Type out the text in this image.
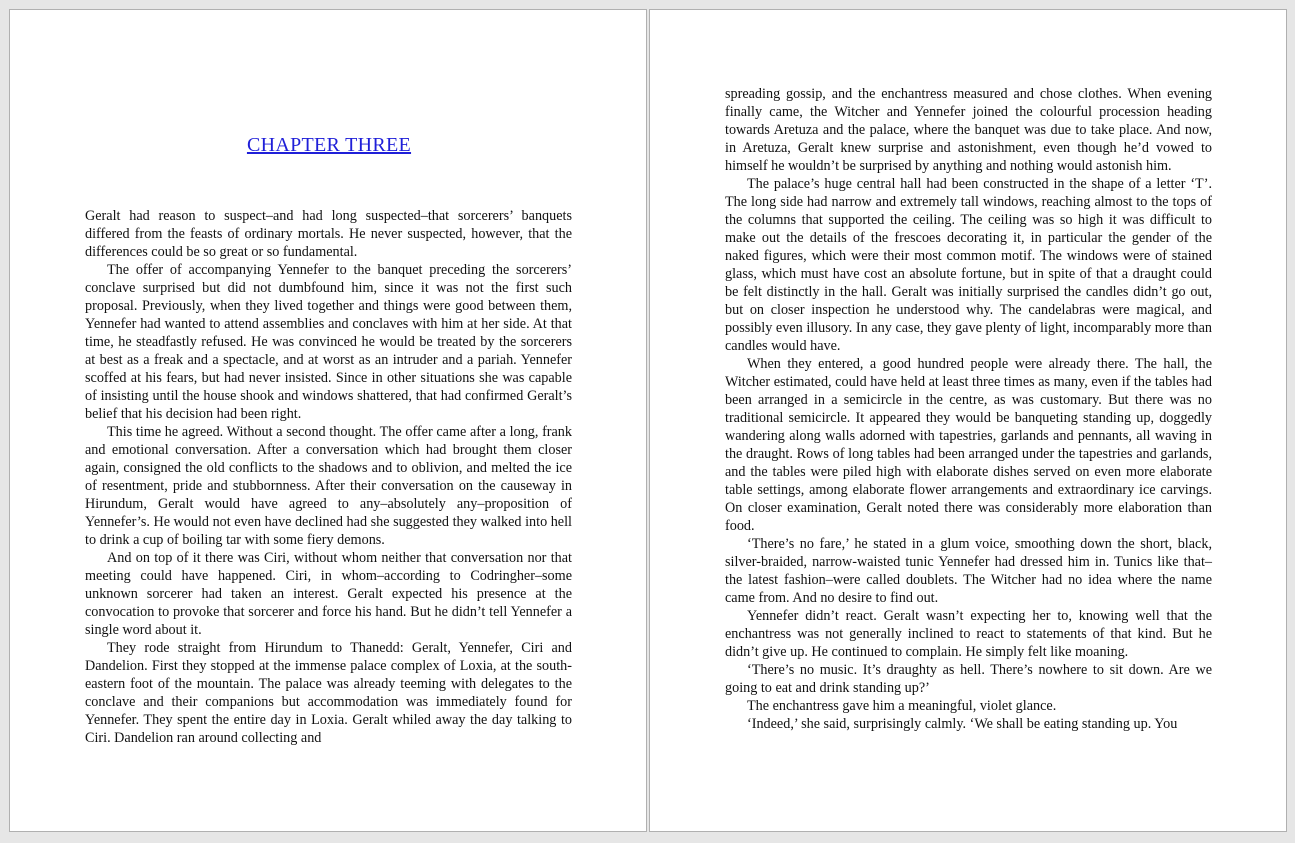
CHAPTER THREE

Geralt had reason to suspect–and had long suspected–that sorcerers’ banquets differed from the feasts of ordinary mortals. He never suspected, however, that the differences could be so great or so fundamental.

The offer of accompanying Yennefer to the banquet preceding the sorcerers’ conclave surprised but did not dumbfound him, since it was not the first such proposal. Previously, when they lived together and things were good between them, Yennefer had wanted to attend assemblies and conclaves with him at her side. At that time, he steadfastly refused. He was convinced he would be treated by the sorcerers at best as a freak and a spectacle, and at worst as an intruder and a pariah. Yennefer scoffed at his fears, but had never insisted. Since in other situations she was capable of insisting until the house shook and windows shattered, that had confirmed Geralt’s belief that his decision had been right.

This time he agreed. Without a second thought. The offer came after a long, frank and emotional conversation. After a conversation which had brought them closer again, consigned the old conflicts to the shadows and to oblivion, and melted the ice of resentment, pride and stubbornness. After their conversation on the causeway in Hirundum, Geralt would have agreed to any–absolutely any–proposition of Yennefer’s. He would not even have declined had she suggested they walked into hell to drink a cup of boiling tar with some fiery demons.

And on top of it there was Ciri, without whom neither that conversation nor that meeting could have happened. Ciri, in whom–according to Codringher–some unknown sorcerer had taken an interest. Geralt expected his presence at the convocation to provoke that sorcerer and force his hand. But he didn’t tell Yennefer a single word about it.

They rode straight from Hirundum to Thanedd: Geralt, Yennefer, Ciri and Dandelion. First they stopped at the immense palace complex of Loxia, at the south-eastern foot of the mountain. The palace was already teeming with delegates to the conclave and their companions but accommodation was immediately found for Yennefer. They spent the entire day in Loxia. Geralt whiled away the day talking to Ciri. Dandelion ran around collecting and

spreading gossip, and the enchantress measured and chose clothes. When evening finally came, the Witcher and Yennefer joined the colourful procession heading towards Aretuza and the palace, where the banquet was due to take place. And now, in Aretuza, Geralt knew surprise and astonishment, even though he’d vowed to himself he wouldn’t be surprised by anything and nothing would astonish him.

The palace’s huge central hall had been constructed in the shape of a letter ‘T’. The long side had narrow and extremely tall windows, reaching almost to the tops of the columns that supported the ceiling. The ceiling was so high it was difficult to make out the details of the frescoes decorating it, in particular the gender of the naked figures, which were their most common motif. The windows were of stained glass, which must have cost an absolute fortune, but in spite of that a draught could be felt distinctly in the hall. Geralt was initially surprised the candles didn’t go out, but on closer inspection he understood why. The candelabras were magical, and possibly even illusory. In any case, they gave plenty of light, incomparably more than candles would have.

When they entered, a good hundred people were already there. The hall, the Witcher estimated, could have held at least three times as many, even if the tables had been arranged in a semicircle in the centre, as was customary. But there was no traditional semicircle. It appeared they would be banqueting standing up, doggedly wandering along walls adorned with tapestries, garlands and pennants, all waving in the draught. Rows of long tables had been arranged under the tapestries and garlands, and the tables were piled high with elaborate dishes served on even more elaborate table settings, among elaborate flower arrangements and extraordinary ice carvings. On closer examination, Geralt noted there was considerably more elaboration than food.

‘There’s no fare,’ he stated in a glum voice, smoothing down the short, black, silver-braided, narrow-waisted tunic Yennefer had dressed him in. Tunics like that–the latest fashion–were called doublets. The Witcher had no idea where the name came from. And no desire to find out.

Yennefer didn’t react. Geralt wasn’t expecting her to, knowing well that the enchantress was not generally inclined to react to statements of that kind. But he didn’t give up. He continued to complain. He simply felt like moaning.

‘There’s no music. It’s draughty as hell. There’s nowhere to sit down. Are we going to eat and drink standing up?’

The enchantress gave him a meaningful, violet glance.

‘Indeed,’ she said, surprisingly calmly. ‘We shall be eating standing up. You
